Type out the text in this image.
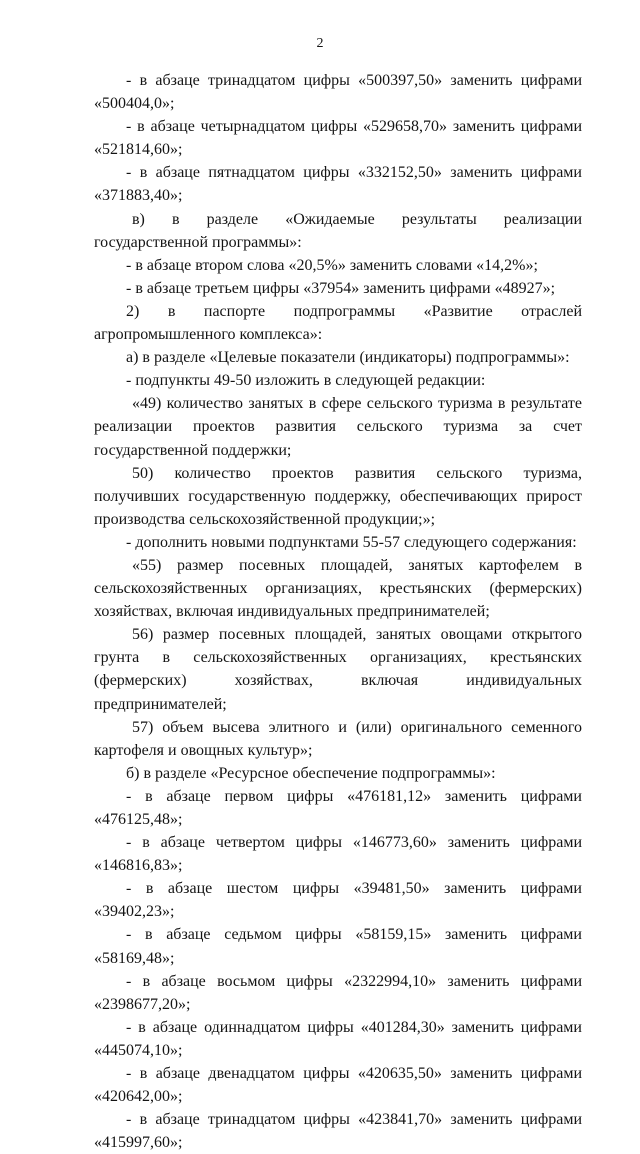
2

- в абзаце тринадцатом цифры «500397,50» заменить цифрами «500404,0»;

- в абзаце четырнадцатом цифры «529658,70» заменить цифрами «521814,60»;

- в абзаце пятнадцатом цифры «332152,50» заменить цифрами «371883,40»;

в) в разделе «Ожидаемые результаты реализации государственной программы»:

- в абзаце втором слова «20,5%» заменить словами «14,2%»;

- в абзаце третьем цифры «37954» заменить цифрами «48927»;

2) в паспорте подпрограммы «Развитие отраслей агропромышленного комплекса»:

а) в разделе «Целевые показатели (индикаторы) подпрограммы»:

- подпункты 49-50 изложить в следующей редакции:

«49) количество занятых в сфере сельского туризма в результате реализации проектов развития сельского туризма за счет государственной поддержки;

50) количество проектов развития сельского туризма, получивших государственную поддержку, обеспечивающих прирост производства сельскохозяйственной продукции;»;

- дополнить новыми подпунктами 55-57 следующего содержания:

«55) размер посевных площадей, занятых картофелем в сельскохозяйственных организациях, крестьянских (фермерских) хозяйствах, включая индивидуальных предпринимателей;

56) размер посевных площадей, занятых овощами открытого грунта в сельскохозяйственных организациях, крестьянских (фермерских) хозяйствах, включая индивидуальных предпринимателей;

57) объем высева элитного и (или) оригинального семенного картофеля и овощных культур»;

б) в разделе «Ресурсное обеспечение подпрограммы»:

- в абзаце первом цифры «476181,12» заменить цифрами «476125,48»;

- в абзаце четвертом цифры «146773,60» заменить цифрами «146816,83»;

- в абзаце шестом цифры «39481,50» заменить цифрами «39402,23»;

- в абзаце седьмом цифры «58159,15» заменить цифрами «58169,48»;

- в абзаце восьмом цифры «2322994,10» заменить цифрами «2398677,20»;

- в абзаце одиннадцатом цифры «401284,30» заменить цифрами «445074,10»;

- в абзаце двенадцатом цифры «420635,50» заменить цифрами «420642,00»;

- в абзаце тринадцатом цифры «423841,70» заменить цифрами «415997,60»;
